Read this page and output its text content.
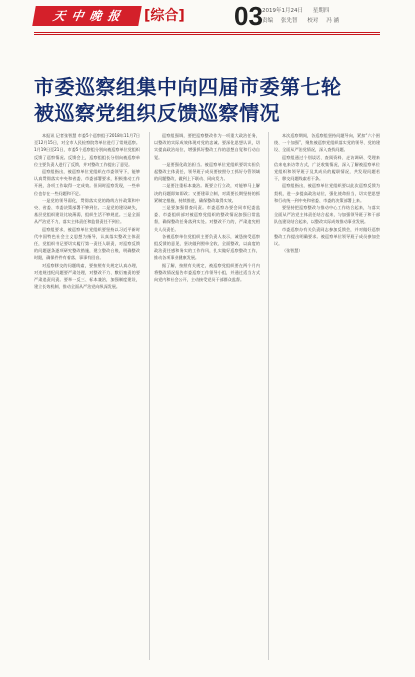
天 中 晚 报	[综合] 03 2019年1月24日 星期四
责编 张先智 校对 冯 涵
市委巡察组集中向四届市委第七轮
被巡察党组织反馈巡察情况

本报讯 记者张智慧 市委5个巡察组于2018年11月7日至12月15日，对全市人民检察院等单位进行了常规巡察。1月19日至21日，市委5个巡察组分别向被巡察单位党组织反馈了巡察情况。反馈会上，巡察组组长分别向被巡察单位主要负责人进行了反馈，并对整改工作提出了意见。

巡察组指出，被巡察单位党组织在市委领导下，能够认真贯彻落实中央和省委、市委部署要求，积极推动工作开展，各项工作取得一定成效。但同时巡察发现，一些单位也存在一些问题和不足。

一是党的领导弱化，贯彻落实党的路线方针政策和中央、省委、市委决策部署不够到位。二是党的建设缺失，基层党组织建设比较薄弱，组织生活不够规范。三是全面从严治党不力，落实主体责任和监督责任不到位。

巡察组要求，被巡察单位党组织要坚持以习近平新时代中国特色社会主义思想为指导，认真落实整改主体责任，党组织书记要切实履行第一责任人职责，对巡察反馈的问题逐条逐项研究整改措施，建立整改台账，明确整改时限，确保件件有着落、事事有回音。

对巡察移交的问题线索，要按照有关规定认真办理，对违规违纪问题要严肃处理，对整改不力、敷衍塞责的要严肃追责问责。要举一反三、标本兼治，加强制度建设，建立长效机制，推动全面从严治党向纵深发展。

巡察组强调，要把巡察整改作为一项重大政治任务，以整改的实际成效体现对党的忠诚。要深化思想认识，切实提高政治站位，增强抓好整改工作的思想自觉和行动自觉。

一是要强化政治担当。被巡察单位党组织要切实担负起整改主体责任，领导班子成员要按照分工抓好分管领域的问题整改，做到上下联动、同向发力。

二是要注重标本兼治。既要立行立改，对能够马上解决的问题即知即改；又要建章立制，对需要长期坚持的抓紧制定措施，持续推进，确保整改取得实效。

三是要加强督查问责。市委巡察办要会同市纪委监委、市委组织部对被巡察党组织的整改情况加强日常监督，确保整改任务落到实处。对整改不力的，严肃追究相关人员责任。

各被巡察单位党组织主要负责人表示，诚恳接受巡察组反馈的意见，坚决做到照单全收、全面整改，以高度的政治责任感和务实的工作作风，扎实做好巡察整改工作，推动各项事业健康发展。

据了解，按照有关规定，被巡察党组织要在两个月内将整改情况报告市委巡察工作领导小组，并通过适当方式向党内和社会公开，主动接受党员干部群众监督。

本次巡察期间，各巡察组坚持问题导向，紧扣“六个围绕、一个加强”，聚焦被巡察党组织落实党的领导、党的建设、全面从严治党情况，深入查找问题。

巡察组通过个别谈话、查阅资料、走访调研、受理来信来电来访等方式，广泛收集情况，深入了解被巡察单位党组织和领导班子及其成员的履职情况，共发现问题若干，移交问题线索若干条。

巡察组指出，被巡察单位党组织要以此次巡察反馈为契机，进一步提高政治站位，强化使命担当，切实把思想和行动统一到中央和省委、市委的决策部署上来。

要坚持把巡察整改与推动中心工作结合起来，与落实全面从严治党主体责任结合起来，与加强领导班子和干部队伍建设结合起来，以整改实际成效推动事业发展。

市委巡察办有关负责同志参加反馈会，并对做好巡察整改工作提出明确要求。被巡察单位领导班子成员参加会议。

（张智慧）
